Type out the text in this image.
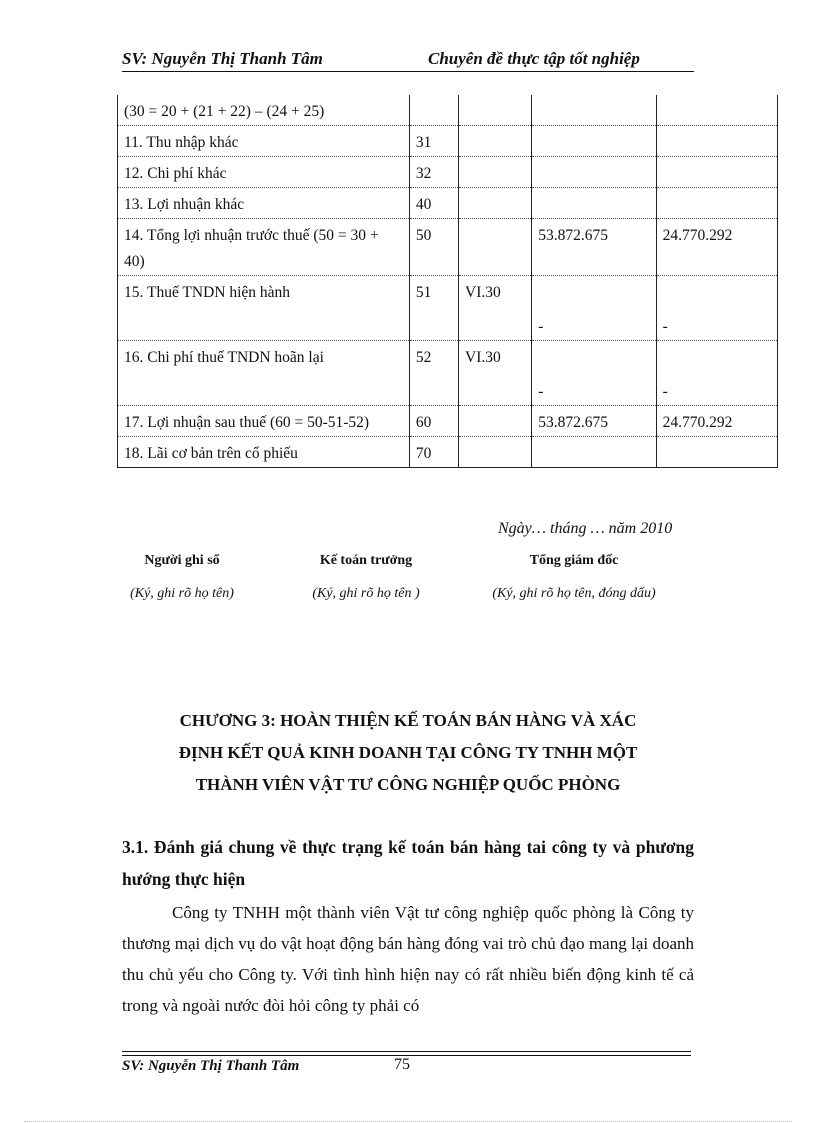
SV: Nguyễn Thị Thanh Tâm	Chuyên đề thực tập tốt nghiệp
(30 = 20 + (21 + 22) – (24 + 25)				
11. Thu nhập khác	31			
12. Chi phí khác	32			
13. Lợi nhuận khác	40			
14. Tổng lợi nhuận trước thuế (50 = 30 + 40)	50		53.872.675	24.770.292
15. Thuế TNDN hiện hành	51	VI.30	-	-

16. Chi phí thuế TNDN hoãn lại	52	VI.30	-	-

17. Lợi nhuận sau thuế (60 = 50-51-52)	60		53.872.675	24.770.292
18. Lãi cơ bản trên cổ phiếu	70			
Ngày… tháng … năm 2010
Người ghi sổ
(Ký, ghi rõ họ tên)
Kế toán trưởng
(Ký, ghi rõ họ tên )
Tổng giám đốc
(Ký, ghi rõ họ tên, đóng dấu)
CHƯƠNG 3: HOÀN THIỆN KẾ TOÁN BÁN HÀNG VÀ XÁC
ĐỊNH KẾT QUẢ KINH DOANH TẠI CÔNG TY TNHH MỘT
THÀNH VIÊN VẬT TƯ CÔNG NGHIỆP QUỐC PHÒNG
3.1. Đánh giá chung về thực trạng kế toán bán hàng tai công ty và phương hướng thực hiện
Công ty TNHH một thành viên Vật tư công nghiệp quốc phòng là Công ty thương mại dịch vụ do vật hoạt động bán hàng đóng vai trò chủ đạo mang lại doanh thu chủ yếu cho Công ty. Với tình hình hiện nay có rất nhiều biến động kinh tế cả trong và ngoài nước đòi hỏi công ty phải có
SV: Nguyễn Thị Thanh Tâm	75
